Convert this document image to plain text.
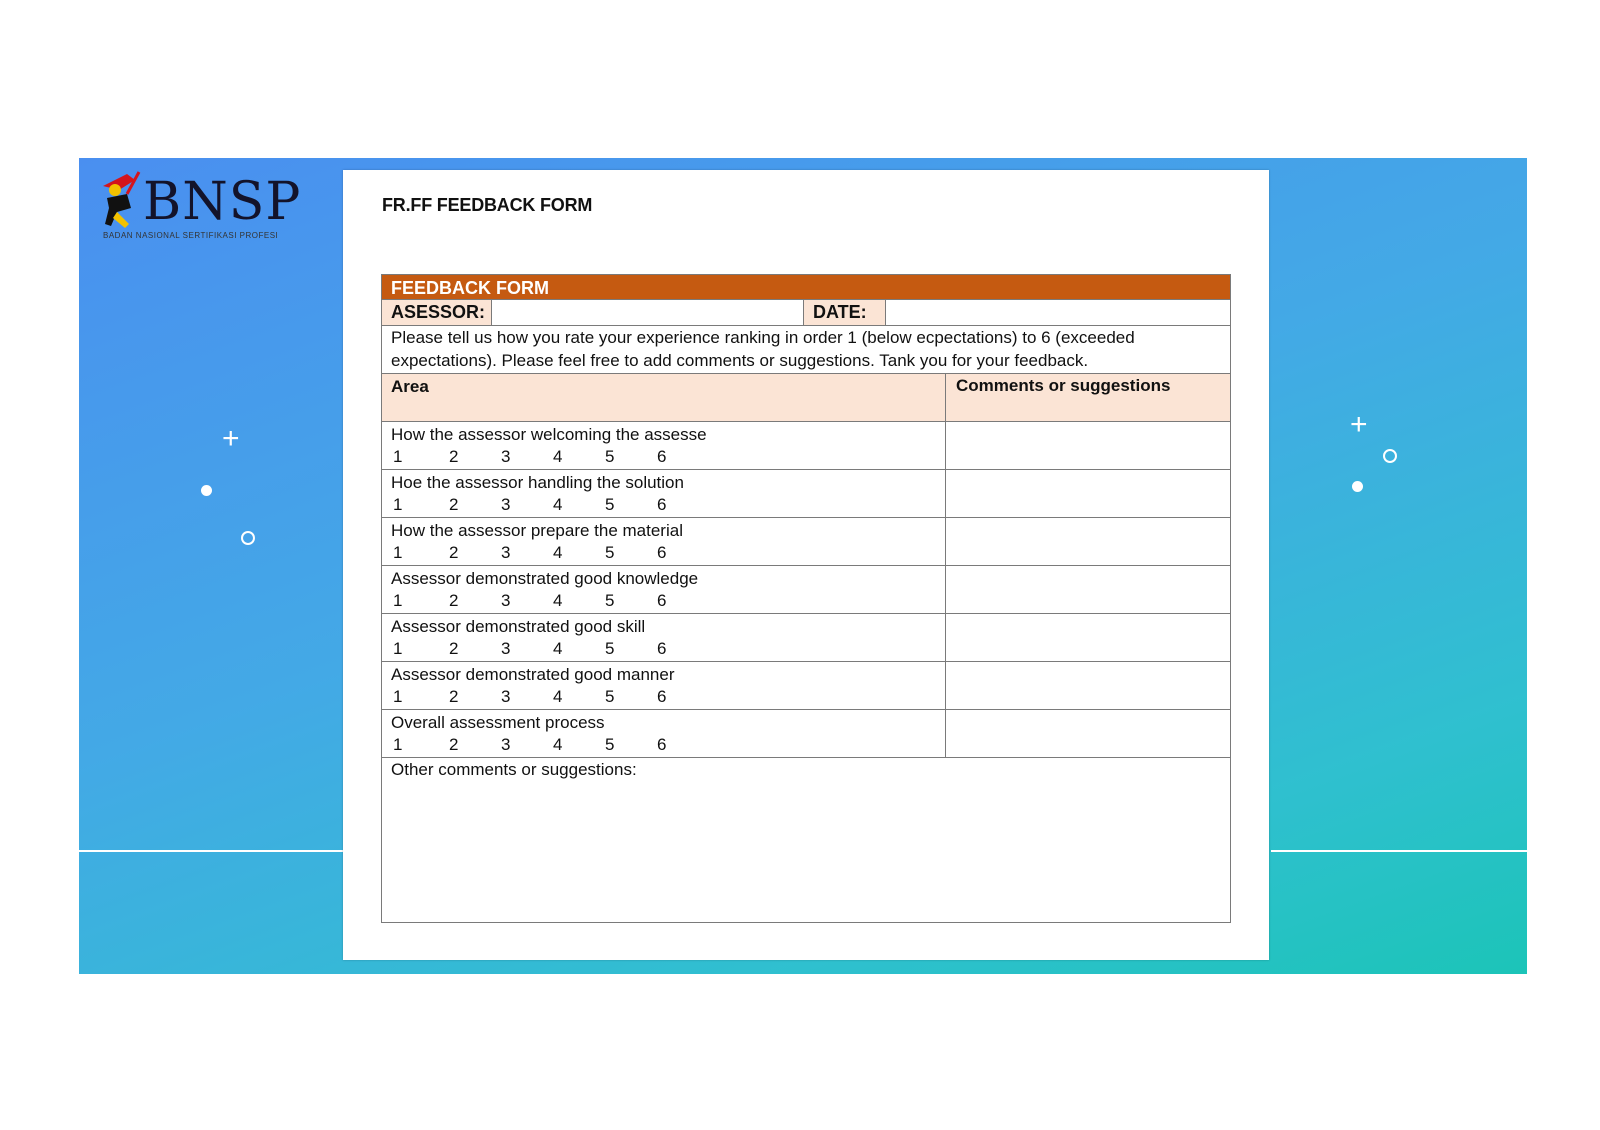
+	+
BNSP
BADAN NASIONAL SERTIFIKASI PROFESI
FR.FF FEEDBACK FORM
FEEDBACK FORM
ASESSOR:	DATE:
Please tell us how you rate your experience ranking in order 1 (below ecpectations) to 6 (exceeded expectations). Please feel free to add comments or suggestions. Tank you for your feedback.
Area	Comments or suggestions
How the assessor welcoming the assesse
1	2	3	4	5	6
Hoe the assessor handling the solution
1	2	3	4	5	6
How the assessor prepare the material
1	2	3	4	5	6
Assessor demonstrated good knowledge
1	2	3	4	5	6
Assessor demonstrated good skill
1	2	3	4	5	6
Assessor demonstrated good manner
1	2	3	4	5	6
Overall assessment process
1	2	3	4	5	6
Other comments or suggestions:
